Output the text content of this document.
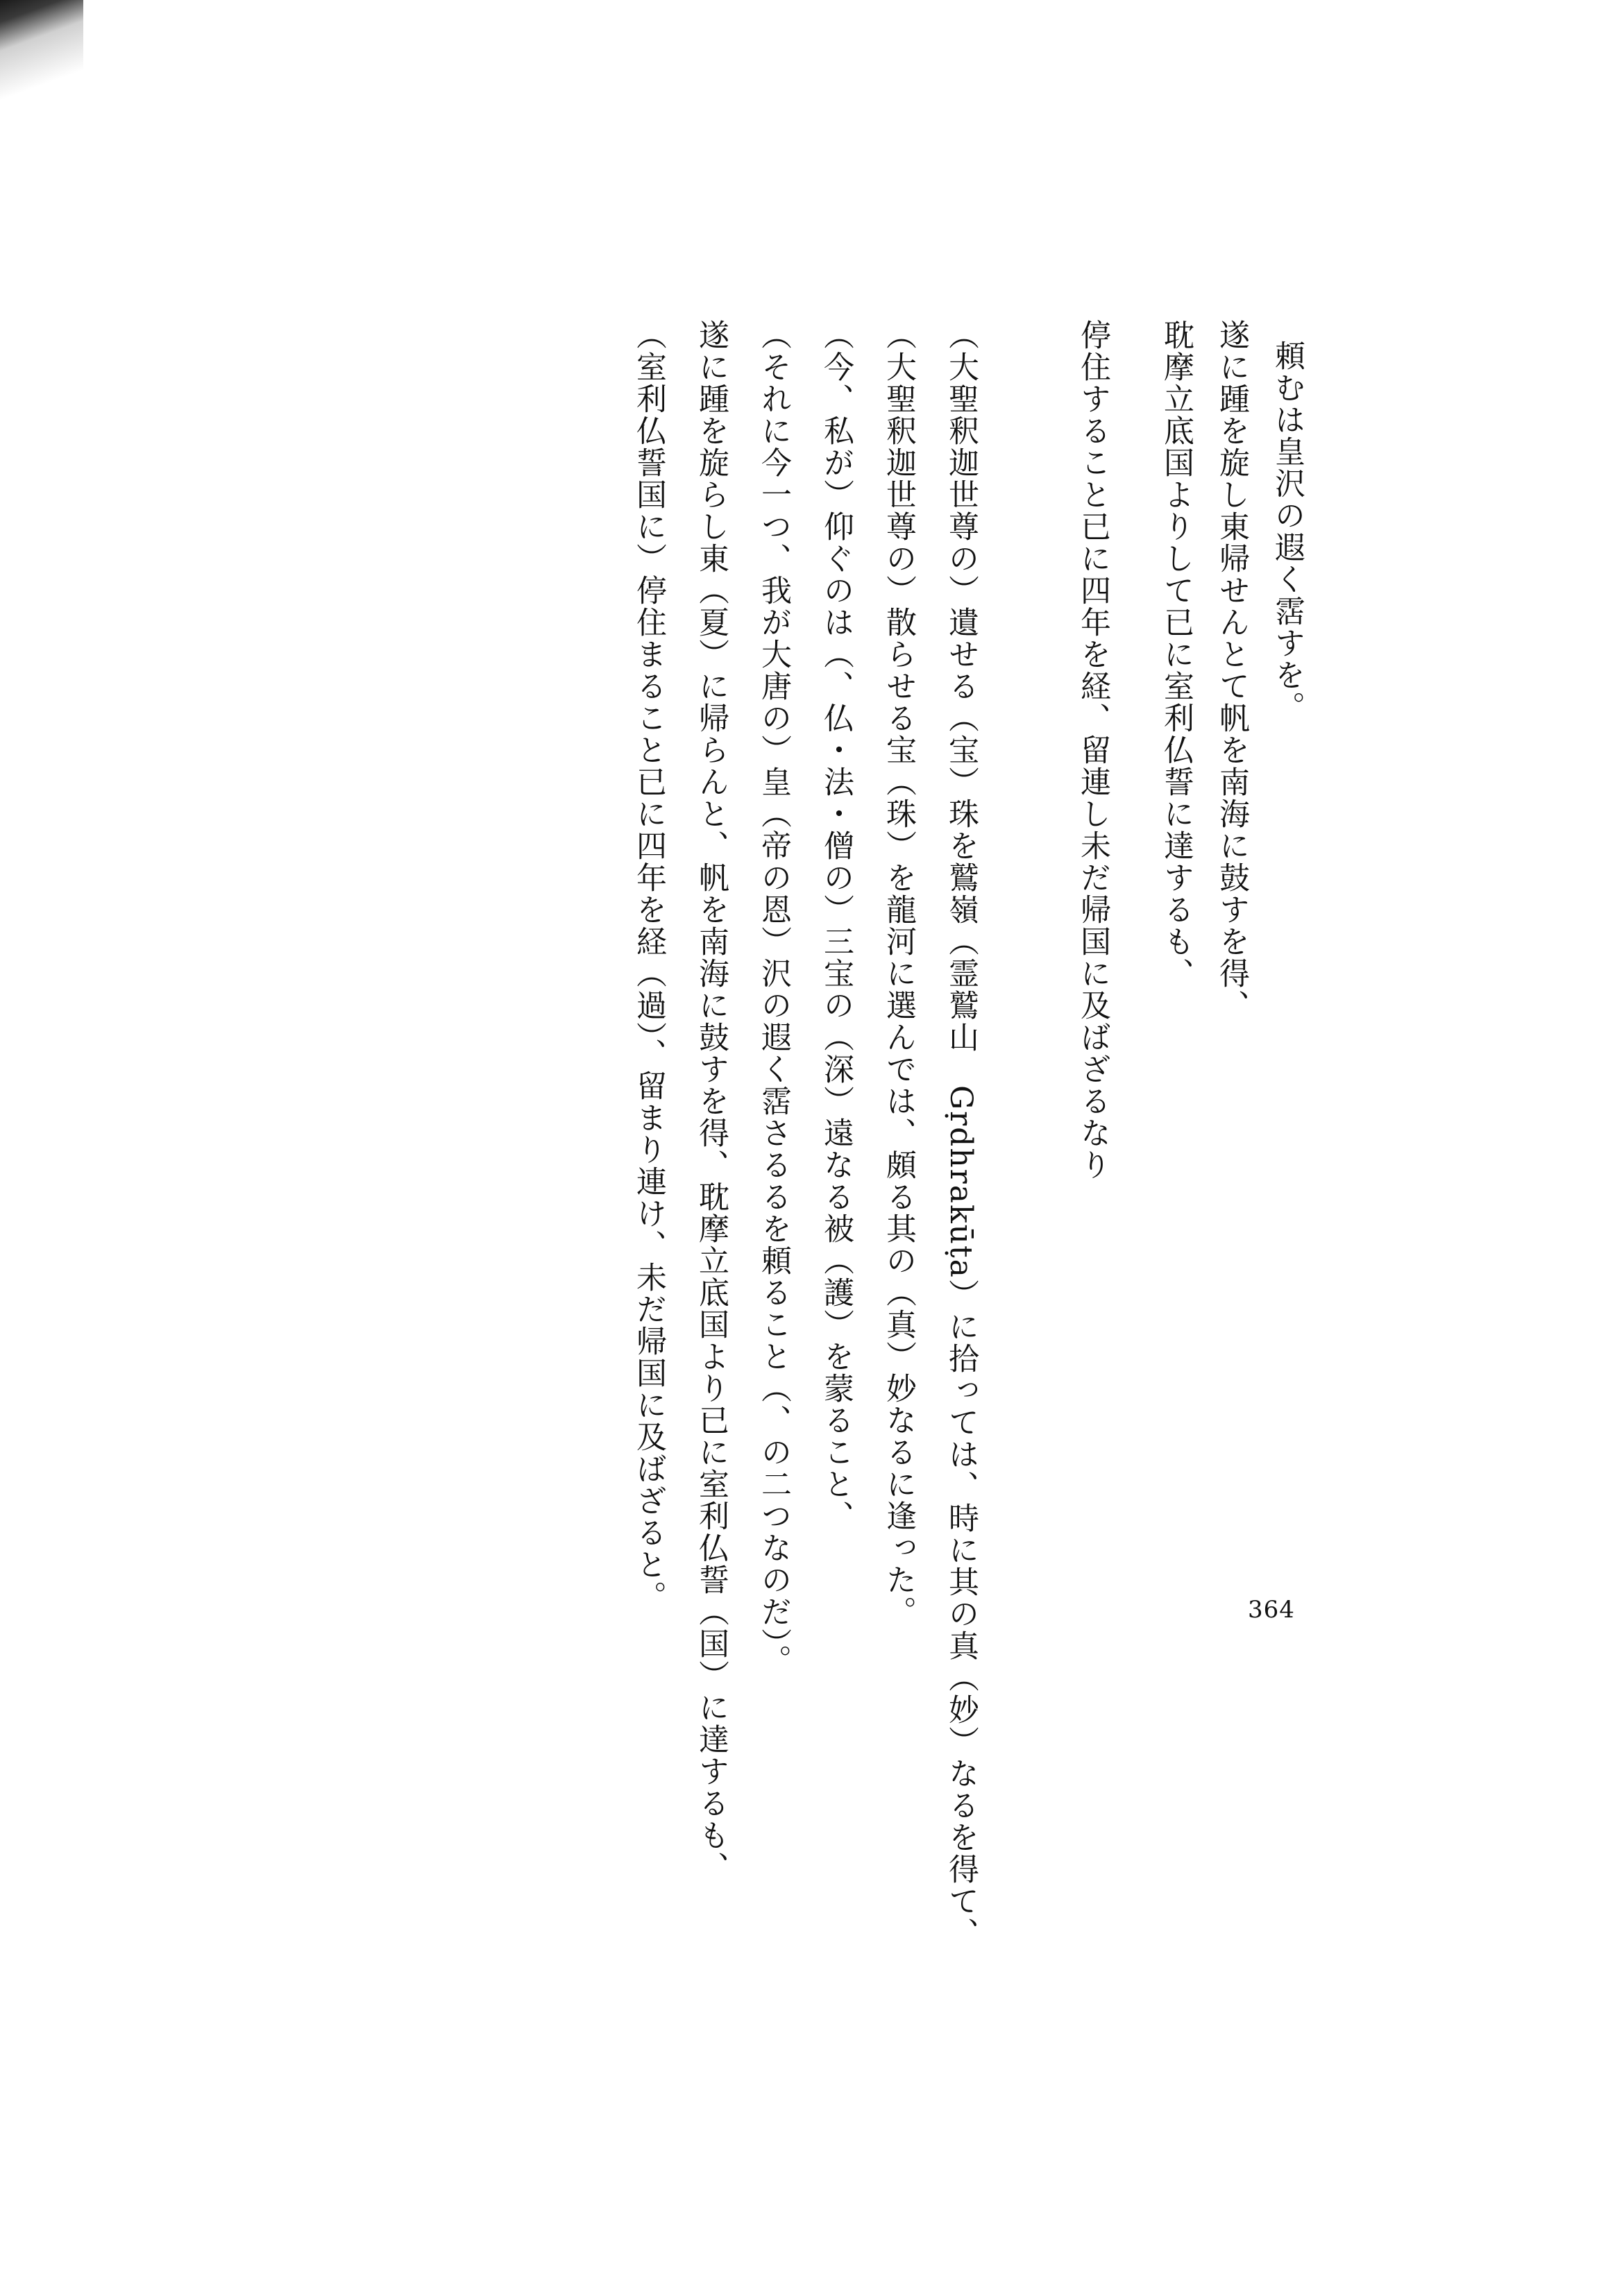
頼むは皇沢の遐く霑すを。
遂に踵を旋し東帰せんとて帆を南海に鼓すを得、
耽摩立底国よりして已に室利仏誓に達するも、
停住すること已に四年を経、留連し未だ帰国に及ばざるなり
（大聖釈迦世尊の）遺せる（宝）珠を鷲嶺（霊鷲山　Gṛdhrakūṭa）に拾っては、時に其の真（妙）なるを得て、
（大聖釈迦世尊の）散らせる宝（珠）を龍河に選んでは、頗る其の（真）妙なるに逢った。
（今、私が）仰ぐのは（、仏・法・僧の）三宝の（深）遠なる被（護）を蒙ること、
（それに今一つ、我が大唐の）皇（帝の恩）沢の遐く霑さるるを頼ること（、の二つなのだ）。
遂に踵を旋らし東（夏）に帰らんと、帆を南海に鼓すを得、耽摩立底国より已に室利仏誓（国）に達するも、
（室利仏誓国に）停住まること已に四年を経（過）、留まり連け、未だ帰国に及ばざると。	364
